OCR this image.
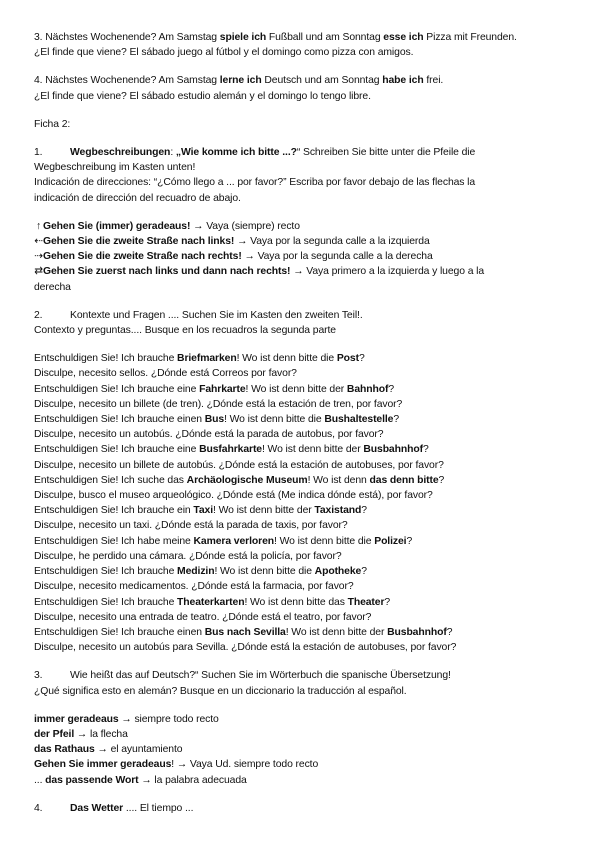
3. Nächstes Wochenende? Am Samstag spiele ich Fußball und am Sonntag esse ich Pizza mit Freunden.

¿El finde que viene? El sábado juego al fútbol y el domingo como pizza con amigos.

4. Nächstes Wochenende? Am Samstag lerne ich Deutsch und am Sonntag habe ich frei.

¿El finde que viene? El sábado estudio alemán y el domingo lo tengo libre.

Ficha 2:

1.	Wegbeschreibungen: „Wie komme ich bitte ...?“ Schreiben Sie bitte unter die Pfeile die

Wegbeschreibung im Kasten unten!

Indicación de direcciones: “¿Cómo llego a ... por favor?” Escriba por favor debajo de las flechas la

indicación de dirección del recuadro de abajo.

↑ Gehen Sie (immer) geradeaus! → Vaya (siempre) recto

⇠Gehen Sie die zweite Straße nach links! → Vaya por la segunda calle a la izquierda

⇢Gehen Sie die zweite Straße nach rechts! → Vaya por la segunda calle a la derecha

⇄Gehen Sie zuerst nach links und dann nach rechts! → Vaya primero a la izquierda y luego a la

derecha

2.	Kontexte und Fragen .... Suchen Sie im Kasten den zweiten Teil!.

Contexto y preguntas.... Busque en los recuadros la segunda parte

Entschuldigen Sie! Ich brauche Briefmarken! Wo ist denn bitte die Post?

Disculpe, necesito sellos. ¿Dónde está Correos por favor?

Entschuldigen Sie! Ich brauche eine Fahrkarte! Wo ist denn bitte der Bahnhof?

Disculpe, necesito un billete (de tren). ¿Dónde está la estación de tren, por favor?

Entschuldigen Sie! Ich brauche einen Bus! Wo ist denn bitte die Bushaltestelle?

Disculpe, necesito un autobús. ¿Dónde está la parada de autobus, por favor?

Entschuldigen Sie! Ich brauche eine Busfahrkarte! Wo ist denn bitte der Busbahnhof?

Disculpe, necesito un billete de autobús. ¿Dónde está la estación de autobuses, por favor?

Entschuldigen Sie! Ich suche das Archäologische Museum! Wo ist denn das denn bitte?

Disculpe, busco el museo arqueológico. ¿Dónde está (Me indica dónde está), por favor?

Entschuldigen Sie! Ich brauche ein Taxi! Wo ist denn bitte der Taxistand?

Disculpe, necesito un taxi. ¿Dónde está la parada de taxis, por favor?

Entschuldigen Sie! Ich habe meine Kamera verloren! Wo ist denn bitte die Polizei?

Disculpe, he perdido una cámara. ¿Dónde está la policía, por favor?

Entschuldigen Sie! Ich brauche Medizin! Wo ist denn bitte die Apotheke?

Disculpe, necesito medicamentos. ¿Dónde está la farmacia, por favor?

Entschuldigen Sie! Ich brauche Theaterkarten! Wo ist denn bitte das Theater?

Disculpe, necesito una entrada de teatro. ¿Dónde está el teatro, por favor?

Entschuldigen Sie! Ich brauche einen Bus nach Sevilla! Wo ist denn bitte der Busbahnhof?

Disculpe, necesito un autobús para Sevilla. ¿Dónde está la estación de autobuses, por favor?

3.	Wie heißt das auf Deutsch?“ Suchen Sie im Wörterbuch die spanische Übersetzung!

¿Qué significa esto en alemán? Busque en un diccionario la traducción al español.

immer geradeaus → siempre todo recto

der Pfeil → la flecha

das Rathaus → el ayuntamiento

Gehen Sie immer geradeaus! → Vaya Ud. siempre todo recto

... das passende Wort → la palabra adecuada

4.	Das Wetter .... El tiempo ...
